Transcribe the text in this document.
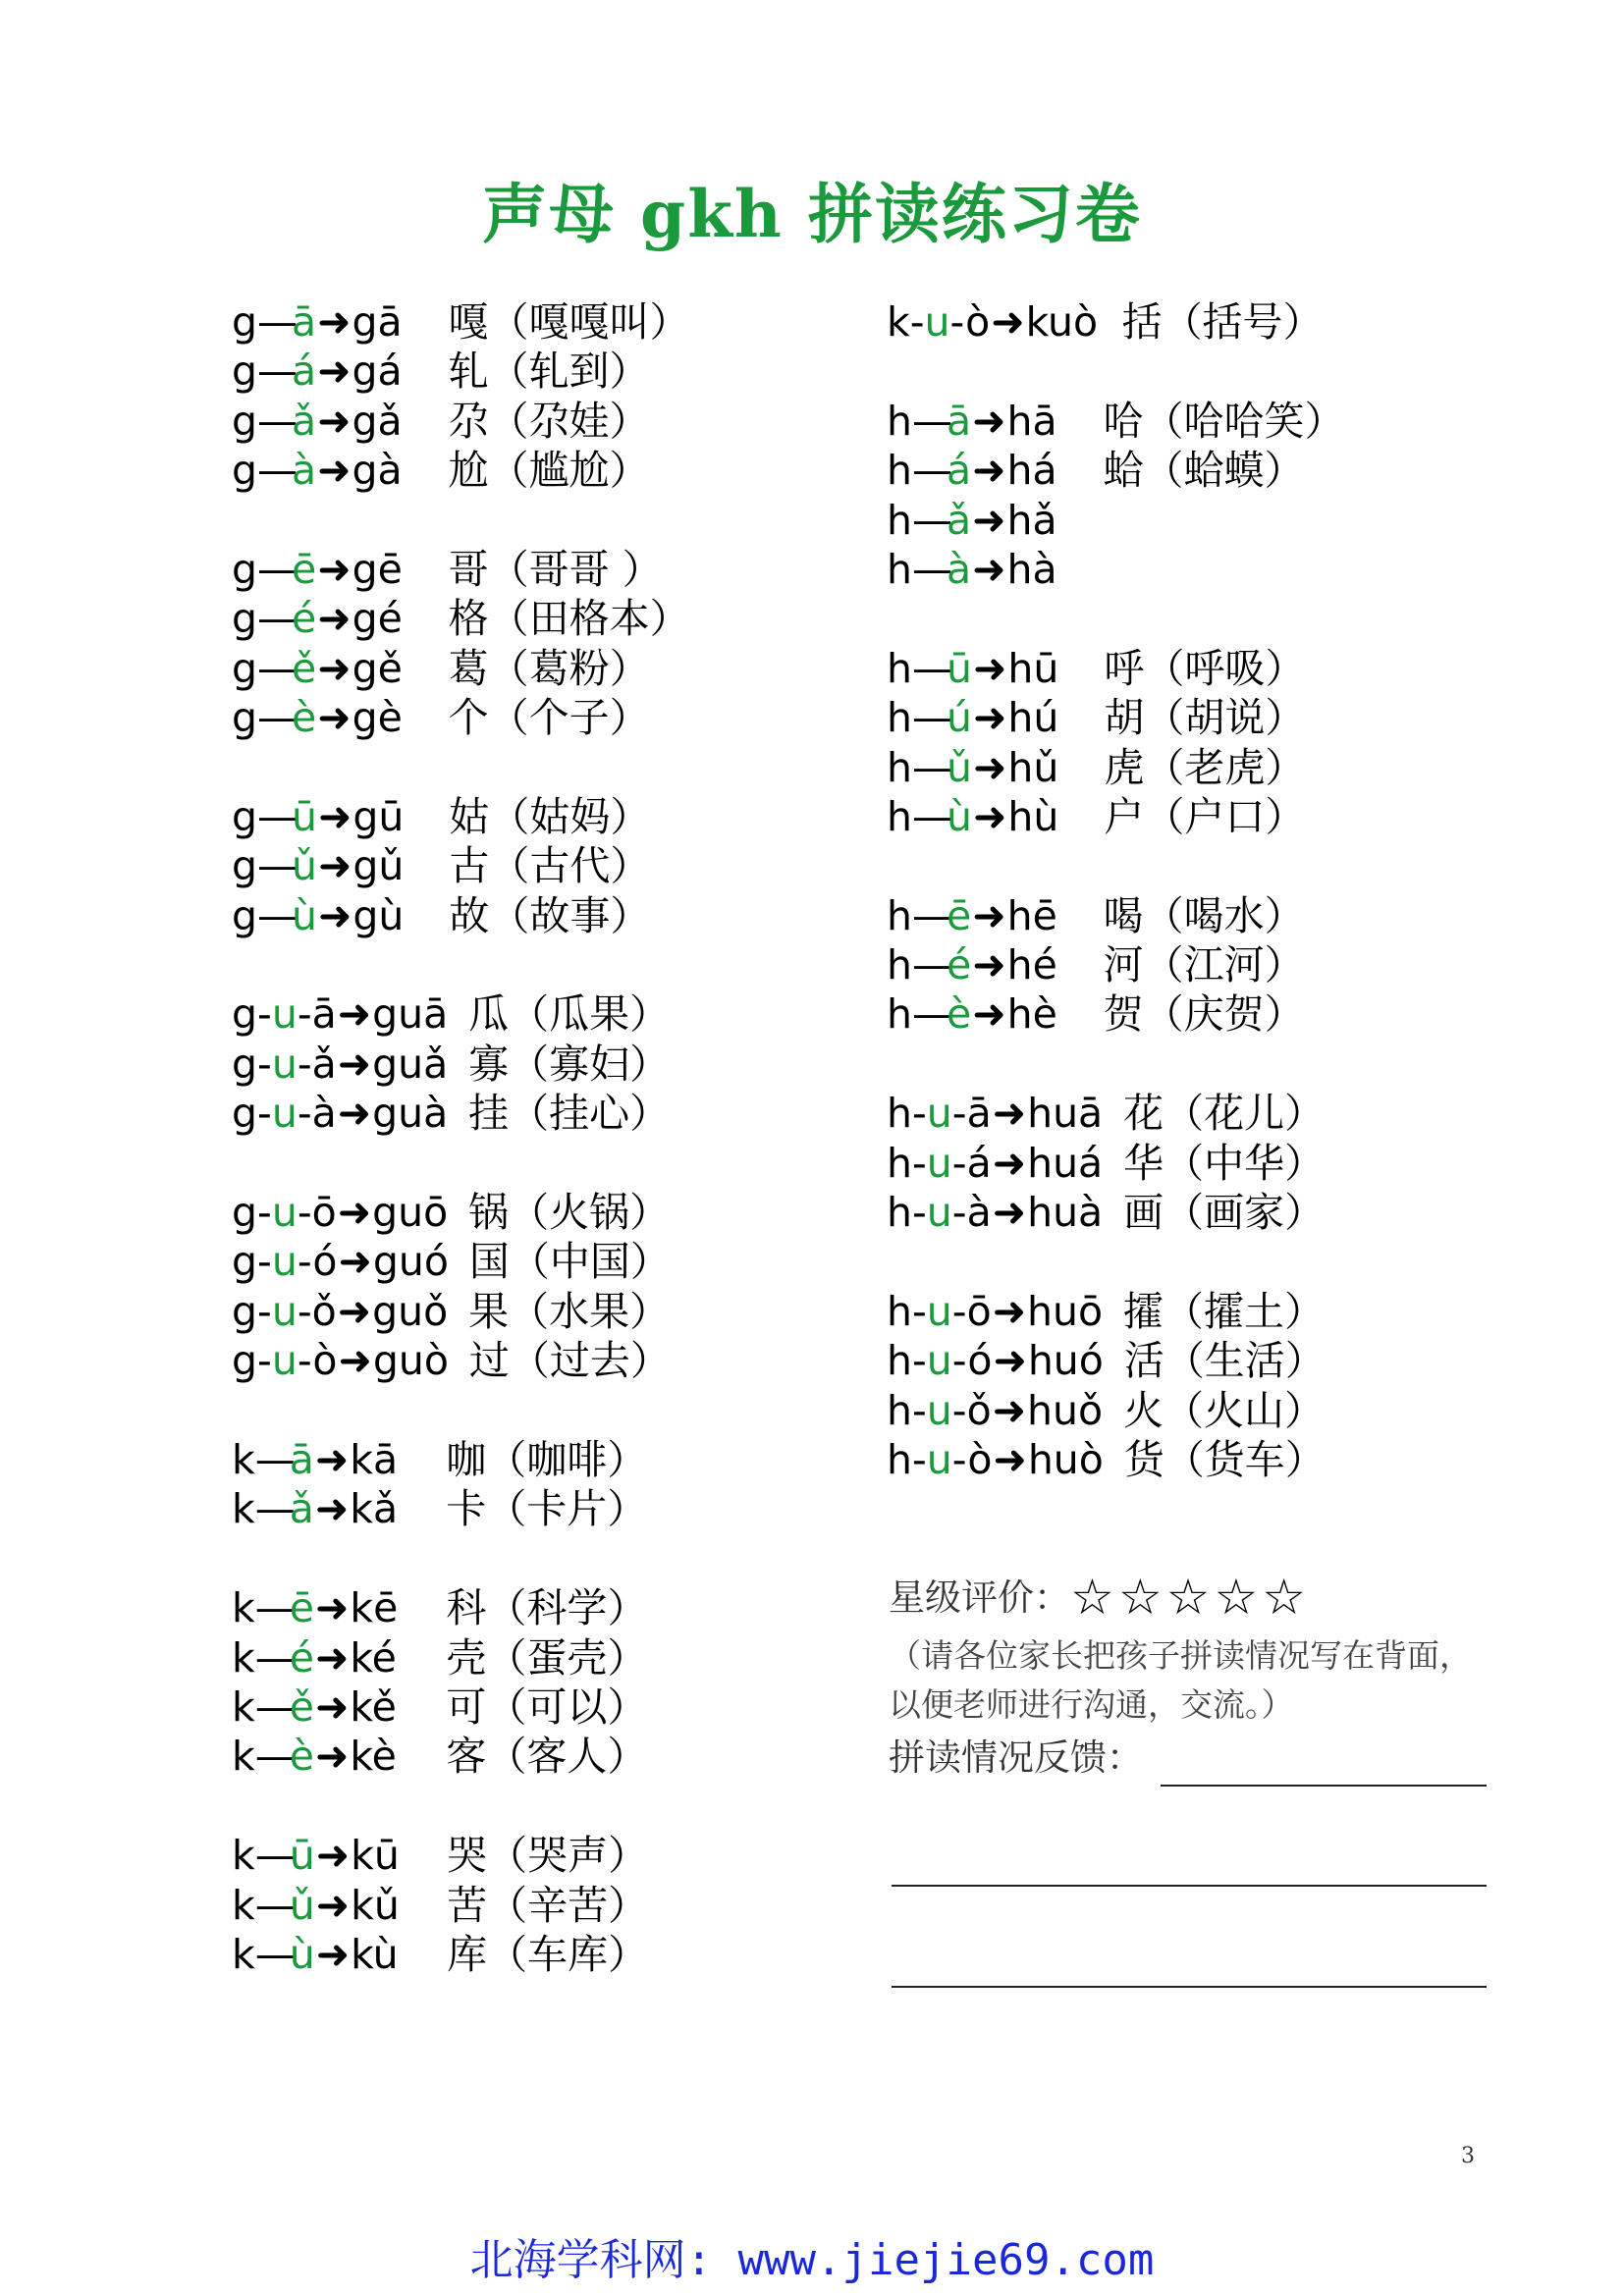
声母 gkh 拼读练习卷
g—ā➜gā 嘎（嘎嘎叫）
g—á➜gá 轧（轧到）
g—ǎ➜gǎ 尕（尕娃）
g—à➜gà 尬（尴尬）
g—ē➜gē 哥（哥哥 ）
g—é➜gé 格（田格本）
g—ě➜gě 葛（葛粉）
g—è➜gè 个（个子）
g—ū➜gū 姑（姑妈）
g—ǔ➜gǔ 古（古代）
g—ù➜gù 故（故事）
g-u-ā➜guā 瓜（瓜果）
g-u-ǎ➜guǎ 寡（寡妇）
g-u-à➜guà 挂（挂心）
g-u-ō➜guō 锅（火锅）
g-u-ó➜guó 国（中国）
g-u-ǒ➜guǒ 果（水果）
g-u-ò➜guò 过（过去）
k—ā➜kā 咖（咖啡）
k—ǎ➜kǎ 卡（卡片）
k—ē➜kē 科（科学）
k—é➜ké 壳（蛋壳）
k—ě➜kě 可（可以）
k—è➜kè 客（客人）
k—ū➜kū 哭（哭声）
k—ǔ➜kǔ 苦（辛苦）
k—ù➜kù 库（车库）
k-u-ò➜kuò 括（括号）
h—ā➜hā 哈（哈哈笑）
h—á➜há 蛤（蛤蟆）
h—ǎ➜hǎ
h—à➜hà
h—ū➜hū 呼（呼吸）
h—ú➜hú 胡（胡说）
h—ǔ➜hǔ 虎（老虎）
h—ù➜hù 户（户口）
h—ē➜hē 喝（喝水）
h—é➜hé 河（江河）
h—è➜hè 贺（庆贺）
h-u-ā➜huā 花（花儿）
h-u-á➜huá 华（中华）
h-u-à➜huà 画（画家）
h-u-ō➜huō 攉（攉土）
h-u-ó➜huó 活（生活）
h-u-ǒ➜huǒ 火（火山）
h-u-ò➜huò 货（货车）
星级评价：☆☆☆☆☆
（请各位家长把孩子拼读情况写在背面，以便老师进行沟通，交流。）
拼读情况反馈：
3
北海学科网: www.jiejie69.com
